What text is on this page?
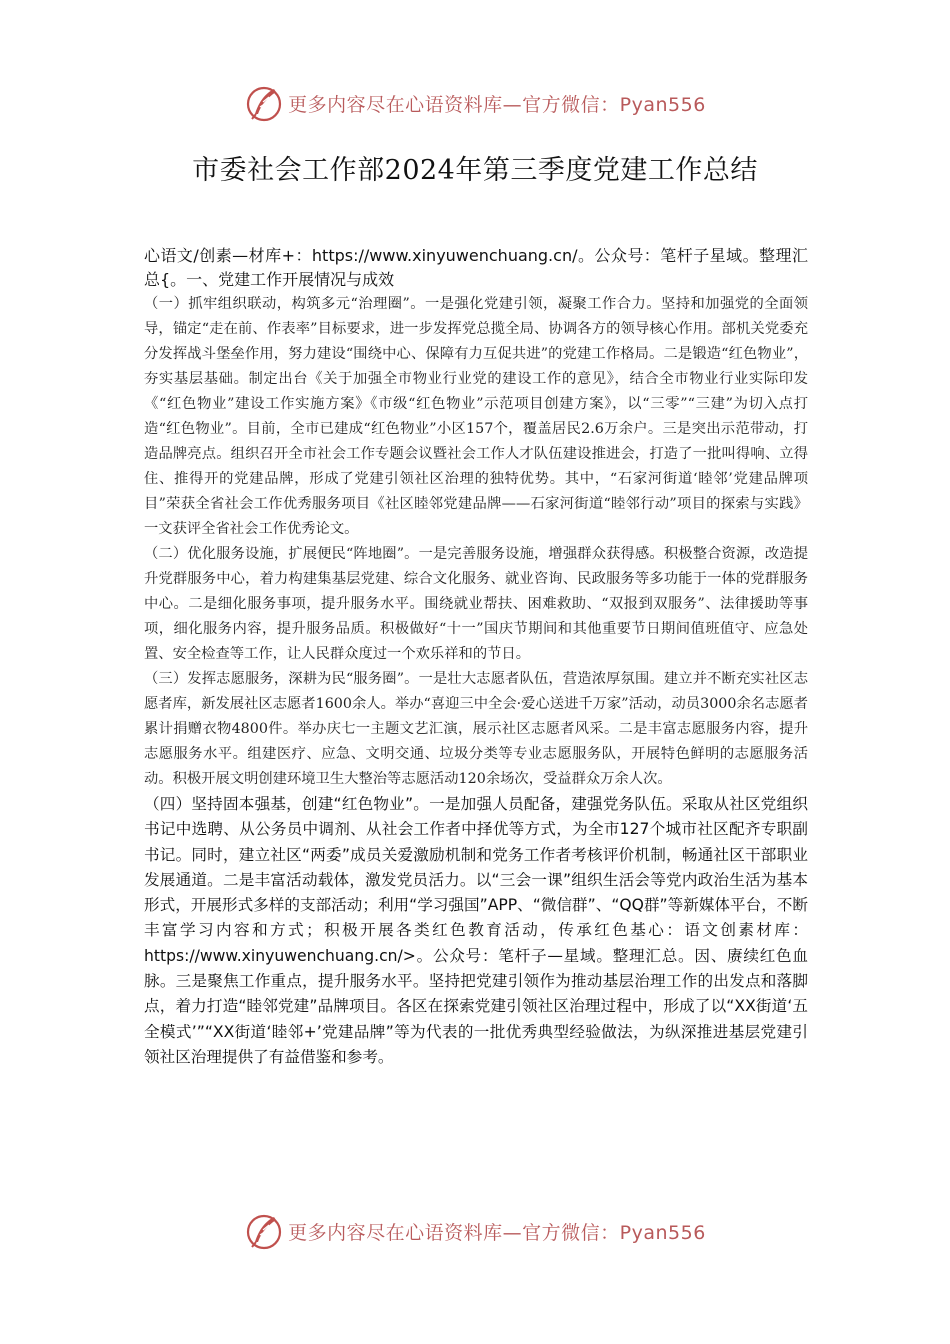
更多内容尽在心语资料库—官方微信：Pyan556
市委社会工作部2024年第三季度党建工作总结

心语文/创素—材库+：https://www.xinyuwenchuang.cn/。公众号：笔杆子星域。整理汇总{。一、党建工作开展情况与成效

（一）抓牢组织联动，构筑多元“治理圈”。一是强化党建引领，凝聚工作合力。坚持和加强党的全面领导，锚定“走在前、作表率”目标要求，进一步发挥党总揽全局、协调各方的领导核心作用。部机关党委充分发挥战斗堡垒作用，努力建设“围绕中心、保障有力互促共进”的党建工作格局。二是锻造“红色物业”，夯实基层基础。制定出台《关于加强全市物业行业党的建设工作的意见》，结合全市物业行业实际印发《“红色物业”建设工作实施方案》《市级“红色物业”示范项目创建方案》，以“三零”“三建”为切入点打造“红色物业”。目前，全市已建成“红色物业”小区157个，覆盖居民2.6万余户。三是突出示范带动，打造品牌亮点。组织召开全市社会工作专题会议暨社会工作人才队伍建设推进会，打造了一批叫得响、立得住、推得开的党建品牌，形成了党建引领社区治理的独特优势。其中，“石家河街道‘睦邻’党建品牌项目”荣获全省社会工作优秀服务项目《社区睦邻党建品牌——石家河街道“睦邻行动”项目的探索与实践》一文获评全省社会工作优秀论文。

（二）优化服务设施，扩展便民“阵地圈”。一是完善服务设施，增强群众获得感。积极整合资源，改造提升党群服务中心，着力构建集基层党建、综合文化服务、就业咨询、民政服务等多功能于一体的党群服务中心。二是细化服务事项，提升服务水平。围绕就业帮扶、困难救助、“双报到双服务”、法律援助等事项，细化服务内容，提升服务品质。积极做好“十一”国庆节期间和其他重要节日期间值班值守、应急处置、安全检查等工作，让人民群众度过一个欢乐祥和的节日。

（三）发挥志愿服务，深耕为民“服务圈”。一是壮大志愿者队伍，营造浓厚氛围。建立并不断充实社区志愿者库，新发展社区志愿者1600余人。举办“喜迎三中全会·爱心送进千万家”活动，动员3000余名志愿者累计捐赠衣物4800件。举办庆七一主题文艺汇演，展示社区志愿者风采。二是丰富志愿服务内容，提升志愿服务水平。组建医疗、应急、文明交通、垃圾分类等专业志愿服务队，开展特色鲜明的志愿服务活动。积极开展文明创建环境卫生大整治等志愿活动120余场次，受益群众万余人次。

（四）坚持固本强基，创建“红色物业”。一是加强人员配备，建强党务队伍。采取从社区党组织书记中选聘、从公务员中调剂、从社会工作者中择优等方式，为全市127个城市社区配齐专职副书记。同时，建立社区“两委”成员关爱激励机制和党务工作者考核评价机制，畅通社区干部职业发展通道。二是丰富活动载体，激发党员活力。以“三会一课”组织生活会等党内政治生活为基本形式，开展形式多样的支部活动；利用“学习强国”APP、“微信群”、“QQ群”等新媒体平台，不断丰富学习内容和方式；积极开展各类红色教育活动，传承红色基心：语文创素材库：https://www.xinyuwenchuang.cn/>。公众号：笔杆子—星域。整理汇总。因、赓续红色血脉。三是聚焦工作重点，提升服务水平。坚持把党建引领作为推动基层治理工作的出发点和落脚点，着力打造“睦邻党建”品牌项目。各区在探索党建引领社区治理过程中，形成了以“XX街道‘五全模式’”“XX街道‘睦邻+’党建品牌”等为代表的一批优秀典型经验做法，为纵深推进基层党建引领社区治理提供了有益借鉴和参考。

更多内容尽在心语资料库—官方微信：Pyan556
